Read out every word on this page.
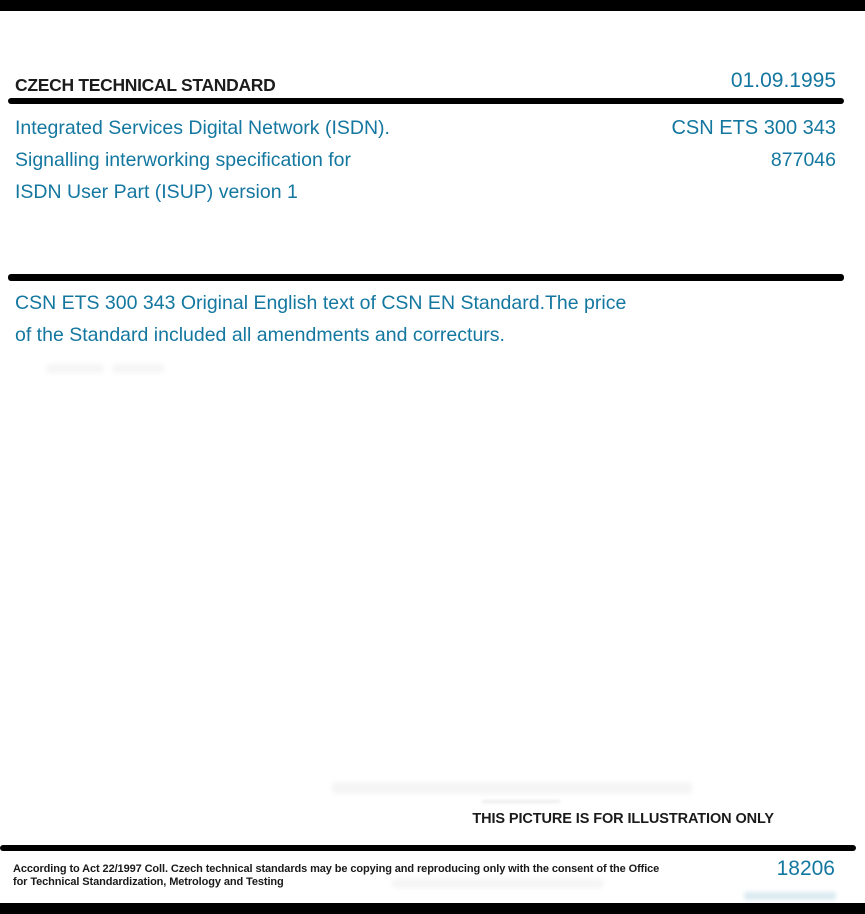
CZECH TECHNICAL STANDARD	01.09.1995
Integrated Services Digital Network (ISDN).
Signalling interworking specification for
ISDN User Part (ISUP) version 1
CSN ETS 300 343
877046
CSN ETS 300 343 Original English text of CSN EN Standard.The price
of the Standard included all amendments and correcturs.
THIS PICTURE IS FOR ILLUSTRATION ONLY
According to Act 22/1997 Coll. Czech technical standards may be copying and reproducing only with the consent of the Office
for Technical Standardization, Metrology and Testing
18206
